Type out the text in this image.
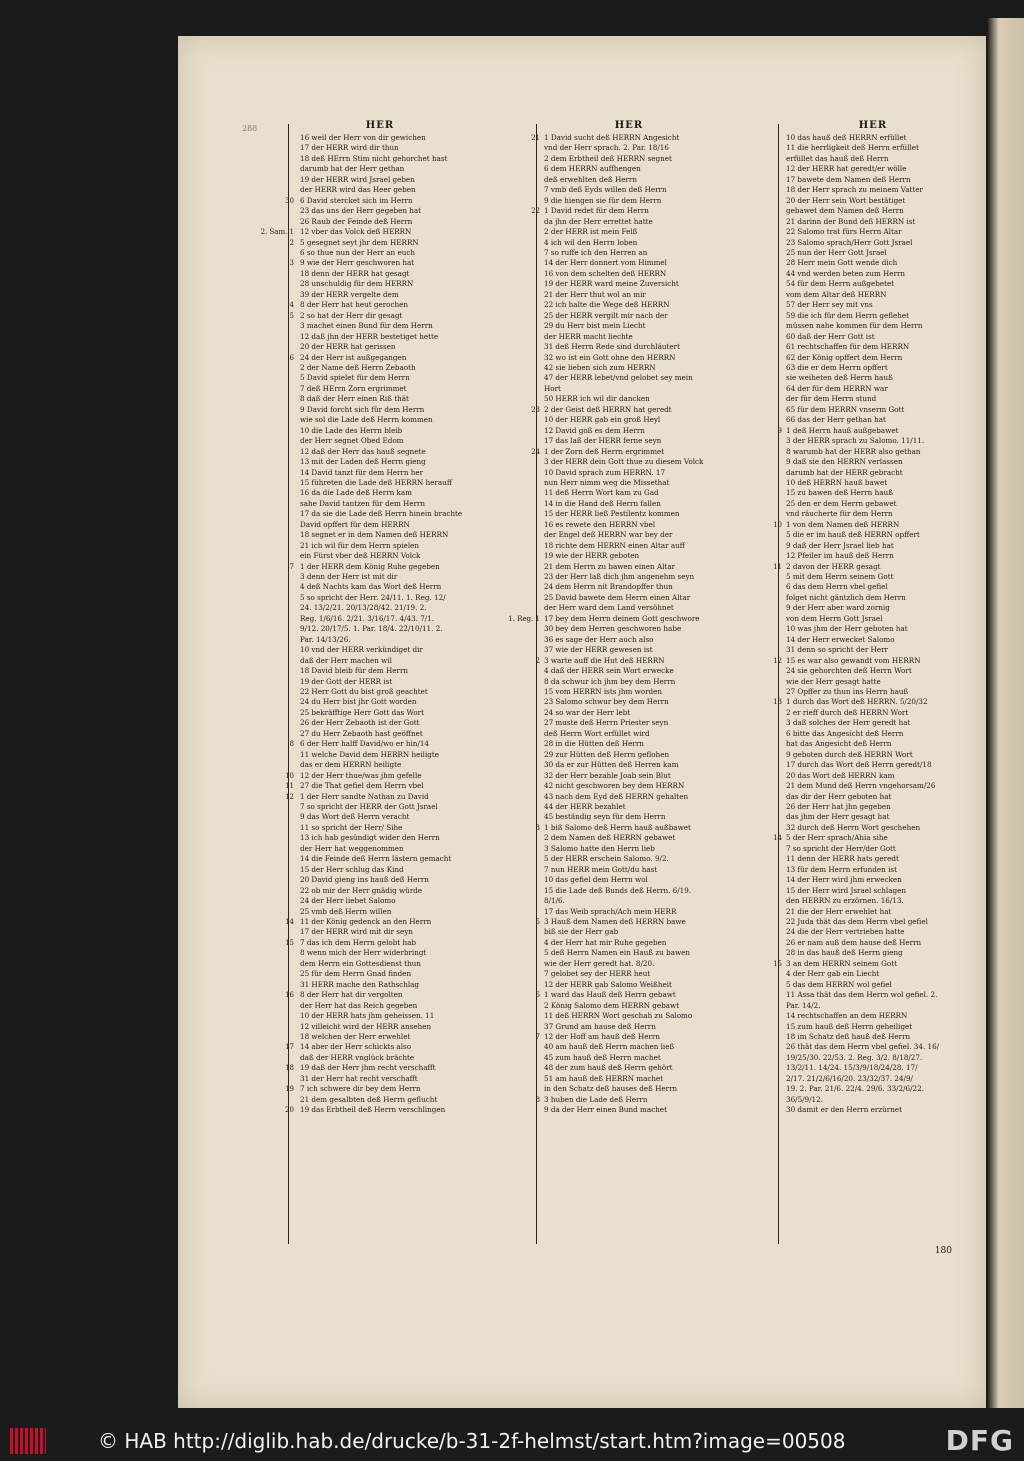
288	HER
16 weil der Herr von dir gewichen
17 der HERR wird dir thun
18 deß HErrn Stim nicht gehorchet hast
darumb hat der Herr gethan
19 der HERR wird Jsrael geben
der HERR wird das Heer geben
30 6 David stercket sich im Herrn
23 das uns der Herr gegeben hat
26 Raub der Feinde deß Herrn
2. Sam. 1 12 vber das Volck deß HERRN
2 5 gesegnet seyt jhr dem HERRN
6 so thue nun der Herr an euch
3 9 wie der Herr geschworen hat
18 denn der HERR hat gesagt
28 unschuldig für dem HERRN
39 der HERR vergelte dem
4 8 der Herr hat heut gerochen
5 2 so hat der Herr dir gesagt
3 machet einen Bund für dem Herrn
12 daß jhn der HERR bestetiget hette
20 der HERR hat gerissen
6 24 der Herr ist außgegangen
2 der Name deß Herrn Zebaoth
5 David spielet für dem Herrn
7 deß HErrn Zorn ergrimmet
8 daß der Herr einen Riß thät
9 David forcht sich für dem Herrn
wie sol die Lade deß Herrn kommen
10 die Lade des Herrn bleib
der Herr segnet Obed Edom
12 daß der Herr das hauß segnete
13 mit der Laden deß Herrn gieng
14 David tanzt für dem Herrn her
15 führeten die Lade deß HERRN herauff
16 da die Lade deß Herrn kam
sahe David tantzen für dem Herrn
17 da sie die Lade deß Herrn hinein brachte
David opffert für dem HERRN
18 segnet er in dem Namen deß HERRN
21 ich wil für dem Herrn spielen
ein Fürst vber deß HERRN Volck
7 1 der HERR dem König Ruhe gegeben
3 denn der Herr ist mit dir
4 deß Nachts kam das Wort deß Herrn
5 so spricht der Herr. 24/11. 1. Reg. 12/
24. 13/2/21. 20/13/28/42. 21/19. 2.
Reg. 1/6/16. 2/21. 3/16/17. 4/43. 7/1.
9/12. 20/17/5. 1. Par. 18/4. 22/10/11. 2.
Par. 14/13/26.
10 vnd der HERR verkündiget dir
daß der Herr machen wil
18 David bleib für dem Herrn
19 der Gott der HERR ist
22 Herr Gott du bist groß geachtet
24 du Herr bist jhr Gott worden
25 bekräfftige Herr Gott das Wort
26 der Herr Zebaoth ist der Gott
27 du Herr Zebaoth hast geöffnet
8 6 der Herr halff David/wo er hin/14
11 welche David dem HERRN heiligte
das er dem HERRN heiligte
10 12 der Herr thue/was jhm gefelle
11 27 die That gefiel dem Herrn vbel
12 1 der Herr sandte Nathan zu David
7 so spricht der HERR der Gott Jsrael
9 das Wort deß Herrn veracht
11 so spricht der Herr/ Sihe
13 ich hab gesündigt wider den Herrn
der Herr hat weggenommen
14 die Feinde deß Herrn lästern gemacht
15 der Herr schlug das Kind
20 David gieng ins hauß deß Herrn
22 ob mir der Herr gnädig würde
24 der Herr liebet Salomo
25 vmb deß Herrn willen
14 11 der König gedenck an den Herrn
17 der HERR wird mit dir seyn
15 7 das ich dem Herrn gelobt hab
8 wenn mich der Herr widerbringt
dem Herrn ein Gottesdienst thun
25 für dem Herrn Gnad finden
31 HERR mache den Rathschlag
16 8 der Herr hat dir vergolten
der Herr hat das Reich gegeben
10 der HERR hats jhm geheissen. 11
12 villeicht wird der HERR ansehen
18 welchen der Herr erwehlet
17 14 aber der Herr schickts also
daß der HERR vnglück brächte
18 19 daß der Herr jhm recht verschafft
31 der Herr hat recht verschafft
19 7 ich schwere dir bey dem Herrn
21 dem gesalbten deß Herrn geflucht
20 19 das Erbtheil deß Herrn verschlingen
HER
21 1 David sucht deß HERRN Angesicht
vnd der Herr sprach. 2. Par. 18/16
2 dem Erbtheil deß HERRN segnet
6 dem HERRN auffhengen
deß erwehlten deß Herrn
7 vmb deß Eyds willen deß Herrn
9 die hiengen sie für dem Herrn
22 1 David redet für dem Herrn
da jhn der Herr errettet hatte
2 der HERR ist mein Felß
4 ich wil den Herrn loben
7 so ruffe ich den Herren an
14 der Herr donnert vom Himmel
16 von dem schelten deß HERRN
19 der HERR ward meine Zuversicht
21 der Herr thut wol an mir
22 ich halte die Wege deß HERRN
25 der HERR vergilt mir nach der
29 du Herr bist mein Liecht
der HERR macht liechte
31 deß Herrn Rede sind durchläutert
32 wo ist ein Gott ohne den HERRN
42 sie lieben sich zum HERRN
47 der HERR lebet/vnd gelobet sey mein
Hort
50 HERR ich wil dir dancken
23 2 der Geist deß HERRN hat geredt
10 der HERR gab ein groß Heyl
12 David goß es dem Herrn
17 das laß der HERR ferne seyn
24 1 der Zorn deß Herrn ergrimmet
3 der HERR dein Gott thue zu diesem Volck
10 David sprach zum HERRN. 17
nun Herr nimm weg die Missethat
11 deß Herrn Wort kam zu Gad
14 in die Hand deß Herrn fallen
15 der HERR ließ Pestilentz kommen
16 es rewete den HERRN vbel
der Engel deß HERRN war bey der
18 richte dem HERRN einen Altar auff
19 wie der HERR geboten
21 dem Herrn zu bawen einen Altar
23 der Herr laß dich jhm angenehm seyn
24 dem Herrn nit Brandopffer thun
25 David bawete dem Herrn einen Altar
der Herr ward dem Land versöhnet
1. Reg. 1 17 bey dem Herrn deinem Gott geschwore
30 bey dem Herren geschworen habe
36 es sage der Herr auch also
37 wie der HERR gewesen ist
2 3 warte auff die Hut deß HERRN
4 daß der HERR sein Wort erwecke
8 da schwur ich jhm bey dem Herrn
15 vom HERRN ists jhm worden
23 Salomo schwur bey dem Herrn
24 so war der Herr lebt
27 muste deß Herrn Priester seyn
deß Herrn Wort erfüllet wird
28 in die Hütten deß Herrn
29 zur Hütten deß Herrn geflohen
30 da er zur Hütten deß Herren kam
32 der Herr bezahle Joab sein Blut
42 nicht geschworen bey dem HERRN
43 nach dem Eyd deß HERRN gehalten
44 der HERR bezahlet
45 beständig seyn für dem Herrn
3 1 biß Salomo deß Herrn hauß außbawet
2 dem Namen deß HERRN gebawet
3 Salomo hatte den Herrn lieb
5 der HERR erschein Salomo. 9/2.
7 nun HERR mein Gott/du hast
10 das gefiel dem Herrn wol
15 die Lade deß Bunds deß Herrn. 6/19.
8/1/6.
17 das Weib sprach/Ach mein HERR
5 3 Hauß dem Namen deß HERRN bawe
biß sie der Herr gab
4 der Herr hat mir Ruhe gegeben
5 deß Herrn Namen ein Hauß zu bawen
wie der Herr geredt hat. 8/20.
7 gelobet sey der HERR heut
12 der HERR gab Salomo Weißheit
6 1 ward das Hauß deß Herrn gebawt
2 König Salomo dem HERRN gebawt
11 deß HERRN Wort geschah zu Salomo
37 Grund am hause deß Herrn
7 12 der Hoff am hauß deß Herrn
40 am hauß deß Herrn machen ließ
45 zum hauß deß Herrn machet
48 der zum hauß deß Herrn gehört
51 am hauß deß HERRN machet
in den Schatz deß hauses deß Herrn
8 3 huben die Lade deß Herrn
9 da der Herr einen Bund machet
HER
10 das hauß deß HERRN erfüllet
11 die herrligkeit deß Herrn erfüllet
erfüllet das hauß deß Herrn
12 der HERR hat geredt/er wölle
17 bawete dem Namen deß Herrn
18 der Herr sprach zu meinem Vatter
20 der Herr sein Wort bestätiget
gebawet dem Namen deß Herrn
21 darinn der Bund deß HERRN ist
22 Salomo trat fürs Herrn Altar
23 Salomo sprach/Herr Gott Jsrael
25 nun der Herr Gott Jsrael
28 Herr mein Gott wende dich
44 vnd werden beten zum Herrn
54 für dem Herrn außgebetet
vom dem Altar deß HERRN
57 der Herr sey mit vns
59 die ich für dem Herrn geflehet
müssen nahe kommen für dem Herrn
60 daß der Herr Gott ist
61 rechtschaffen für dem HERRN
62 der König opffert dem Herrn
63 die er dem Herrn opffert
sie weiheten deß Herrn hauß
64 der für dem HERRN war
der für dem Herrn stund
65 für dem HERRN vnserm Gott
66 das der Herr gethan hat
9 1 deß Herrn hauß außgebawet
3 der HERR sprach zu Salomo. 11/11.
8 warumb hat der HERR also gethan
9 daß sie den HERRN verlassen
darumb hat der HERR gebracht
10 deß HERRN hauß bawet
15 zu bawen deß Herrn hauß
25 den er dem Herrn gebawet
vnd räucherte für dem Herrn
10 1 von dem Namen deß HERRN
5 die er im hauß deß HERRN opffert
9 daß der Herr Jsrael lieb hat
12 Pfeiler im hauß deß Herrn
11 2 davon der HERR gesagt
5 mit dem Herrn seinem Gott
6 das dem Herrn vbel gefiel
folget nicht gäntzlich dem Herrn
9 der Herr aber ward zornig
von dem Herrn Gott Jsrael
10 was jhm der Herr geboten hat
14 der Herr erwecket Salomo
31 denn so spricht der Herr
12 15 es war also gewandt vom HERRN
24 sie gehorchten deß Herrn Wort
wie der Herr gesagt hatte
27 Opffer zu thun ins Herrn hauß
13 1 durch das Wort deß HERRN. 5/20/32
2 er rieff durch deß HERRN Wort
3 daß solches der Herr geredt hat
6 bitte das Angesicht deß Herrn
hat das Angesicht deß Herrn
9 geboten durch deß HERRN Wort
17 durch das Wort deß Herrn geredt/18
20 das Wort deß HERRN kam
21 dem Mund deß Herrn vngehorsam/26
das dir der Herr geboten hat
26 der Herr hat jhn gegeben
das jhm der Herr gesagt hat
32 durch deß Herrn Wort geschehen
14 5 der Herr sprach/Ahia sihe
7 so spricht der Herr/der Gott
11 denn der HERR hats geredt
13 für dem Herrn erfunden ist
14 der Herr wird jhm erwecken
15 der Herr wird Jsrael schlagen
den HERRN zu erzörnen. 16/13.
21 die der Herr erwehlet hat
22 Juda thät das dem Herrn vbel gefiel
24 die der Herr vertrieben hatte
26 er nam auß dem hause deß Herrn
28 in das hauß deß Herrn gieng
15 3 an dem HERRN seinem Gott
4 der Herr gab ein Liecht
5 das dem HERRN wol gefiel
11 Assa thät das dem Herrn wol gefiel. 2.
Par. 14/2.
14 rechtschaffen an dem HERRN
15 zum hauß deß Herrn geheiliget
18 im Schatz deß hauß deß Herrn
26 thät das dem Herrn vbel gefiel. 34. 16/
19/25/30. 22/53. 2. Reg. 3/2. 8/18/27.
13/2/11. 14/24. 15/3/9/18/24/28. 17/
2/17. 21/2/6/16/20. 23/32/37. 24/9/
19. 2. Par. 21/6. 22/4. 29/6. 33/2/6/22.
36/5/9/12.
30 damit er den Herrn erzürnet
180
© HAB http://diglib.hab.de/drucke/b-31-2f-helmst/start.htm?image=00508	DFG
